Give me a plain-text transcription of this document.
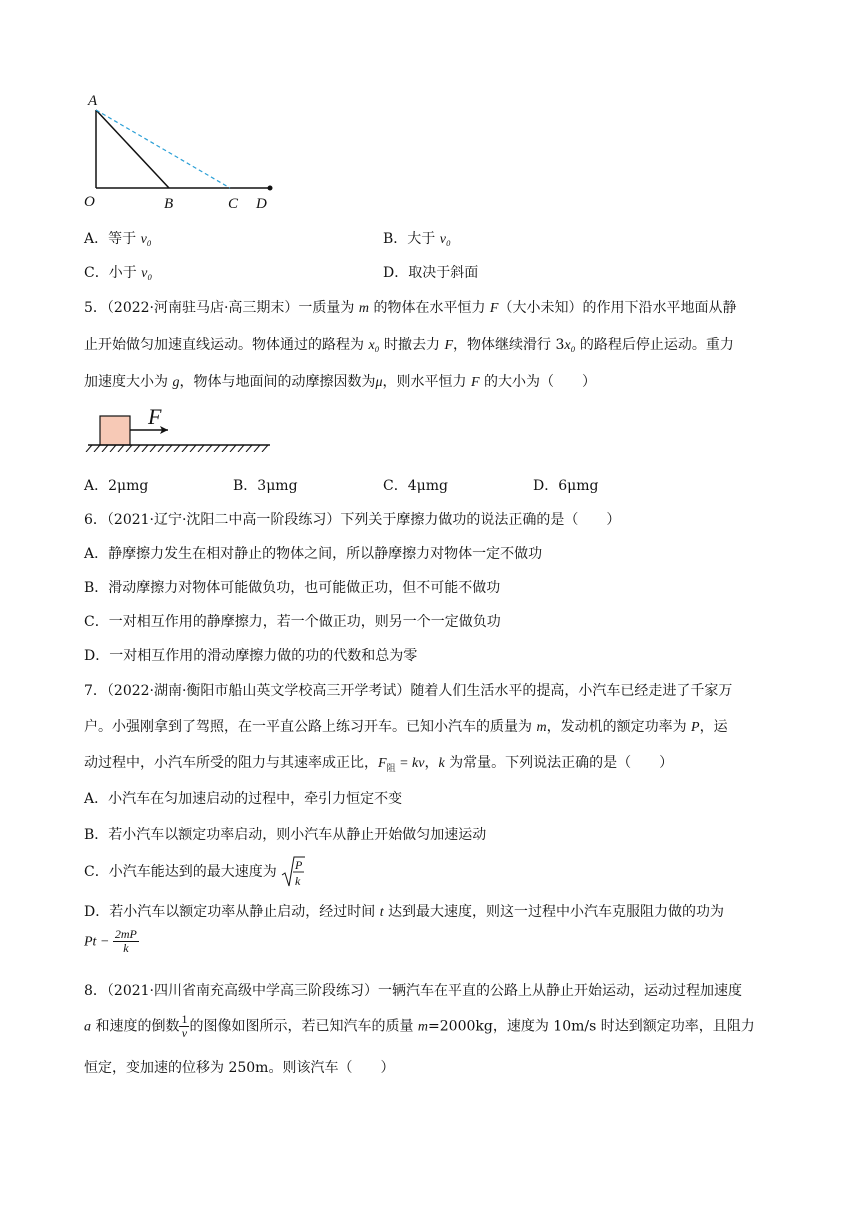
A
O	B	C D
A．等于 v₀	B．大于 v₀
C．小于 v₀	D．取决于斜面
5．（2022·河南驻马店·高三期末）一质量为 m 的物体在水平恒力 F（大小未知）的作用下沿水平地面从静
止开始做匀加速直线运动。物体通过的路程为 x₀ 时撤去力 F，物体继续滑行 3x₀ 的路程后停止运动。重力
加速度大小为 g，物体与地面间的动摩擦因数为μ，则水平恒力 F 的大小为（　　）
F
A．2μmg	B．3μmg	C．4μmg	D．6μmg
6．（2021·辽宁·沈阳二中高一阶段练习）下列关于摩擦力做功的说法正确的是（　　）
A．静摩擦力发生在相对静止的物体之间，所以静摩擦力对物体一定不做功
B．滑动摩擦力对物体可能做负功，也可能做正功，但不可能不做功
C．一对相互作用的静摩擦力，若一个做正功，则另一个一定做负功
D．一对相互作用的滑动摩擦力做的功的代数和总为零
7．（2022·湖南·衡阳市船山英文学校高三开学考试）随着人们生活水平的提高，小汽车已经走进了千家万
户。小强刚拿到了驾照，在一平直公路上练习开车。已知小汽车的质量为 m，发动机的额定功率为 P，运
动过程中，小汽车所受的阻力与其速率成正比，$F_阻$ = kv，k 为常量。下列说法正确的是（　　）
A．小汽车在匀加速启动的过程中，牵引力恒定不变
B．若小汽车以额定功率启动，则小汽车从静止开始做匀加速运动
C．小汽车能达到的最大速度为 P
k
D．若小汽车以额定功率从静止启动，经过时间 t 达到最大速度，则这一过程中小汽车克服阻力做的功为
$Pt - \frac{2mP}{k}$
8．（2021·四川省南充高级中学高三阶段练习）一辆汽车在平直的公路上从静止开始运动，运动过程加速度
a 和速度的倒数 $\frac{1}{v}$ 的图像如图所示，若已知汽车的质量 m=2000kg，速度为 10m/s 时达到额定功率，且阻力
恒定，变加速的位移为 250m。则该汽车（　　）
